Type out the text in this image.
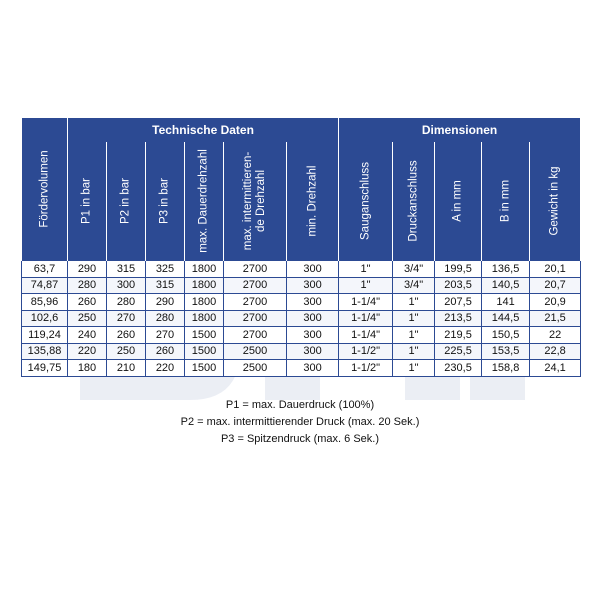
Fördervolumen	Technische Daten						Dimensionen				

	P1 in bar	P2 in bar	P3 in bar	max. Dauerdrehzahl	max. intermittieren-
de Drehzahl	min. Drehzahl	Sauganschluss	Druckanschluss	A in mm	B in mm	Gewicht in kg

63,7	290	315	325	1800	2700	300	1"	3/4"	199,5	136,5	20,1
74,87	280	300	315	1800	2700	300	1"	3/4"	203,5	140,5	20,7
85,96	260	280	290	1800	2700	300	1-1/4"	1"	207,5	141	20,9
102,6	250	270	280	1800	2700	300	1-1/4"	1"	213,5	144,5	21,5
119,24	240	260	270	1500	2700	300	1-1/4"	1"	219,5	150,5	22
135,88	220	250	260	1500	2500	300	1-1/2"	1"	225,5	153,5	22,8
149,75	180	210	220	1500	2500	300	1-1/2"	1"	230,5	158,8	24,1
P1 = max. Dauerdruck (100%)
P2 = max. intermittierender Druck (max. 20 Sek.)
P3 = Spitzendruck (max. 6 Sek.)
